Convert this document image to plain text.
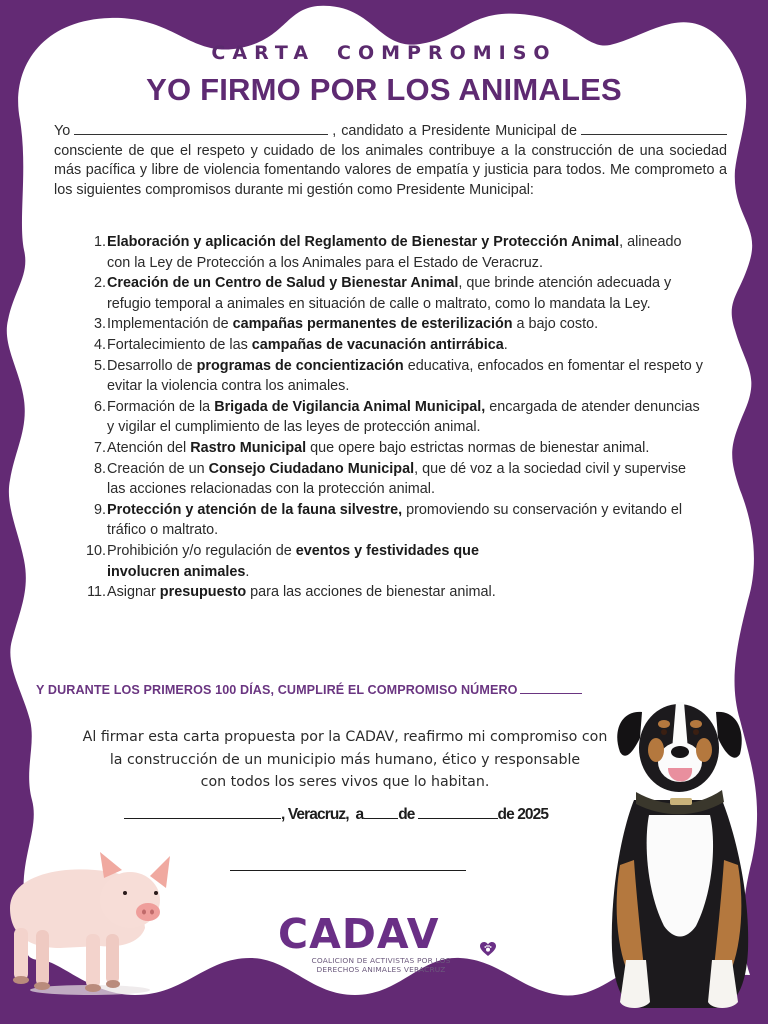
CARTA COMPROMISO
YO FIRMO POR LOS ANIMALES
Yo	, candidato a Presidente Municipal de consciente de que el respeto y cuidado de los animales contribuye a la construcción de una sociedad más pacífica y libre de violencia fomentando valores de empatía y justicia para todos. Me comprometo a los siguientes compromisos durante mi gestión como Presidente Municipal:
1. Elaboración y aplicación del Reglamento de Bienestar y Protección Animal, alineado con la Ley de Protección a los Animales para el Estado de Veracruz.
2. Creación de un Centro de Salud y Bienestar Animal, que brinde atención adecuada y refugio temporal a animales en situación de calle o maltrato, como lo mandata la Ley.
3. Implementación de campañas permanentes de esterilización a bajo costo.
4. Fortalecimiento de las campañas de vacunación antirrábica.
5. Desarrollo de programas de concientización educativa, enfocados en fomentar el respeto y evitar la violencia contra los animales.
6. Formación de la Brigada de Vigilancia Animal Municipal, encargada de atender denuncias y vigilar el cumplimiento de las leyes de protección animal.
7. Atención del Rastro Municipal que opere bajo estrictas normas de bienestar animal.
8. Creación de un Consejo Ciudadano Municipal, que dé voz a la sociedad civil y supervise las acciones relacionadas con la protección animal.
9. Protección y atención de la fauna silvestre, promoviendo su conservación y evitando el tráfico o maltrato.
10. Prohibición y/o regulación de eventos y festividades que involucren animales.
11. Asignar presupuesto para las acciones de bienestar animal.
Y DURANTE LOS PRIMEROS 100 DÍAS, CUMPLIRÉ EL COMPROMISO NÚMERO
Al firmar esta carta propuesta por la CADAV, reafirmo mi compromiso con
la construcción de un municipio más humano, ético y responsable
con todos los seres vivos que lo habitan.
, Veracruz, a de	de 2025
CADAV
COALICION DE ACTIVISTAS POR LOS
DERECHOS ANIMALES VERACRUZ
